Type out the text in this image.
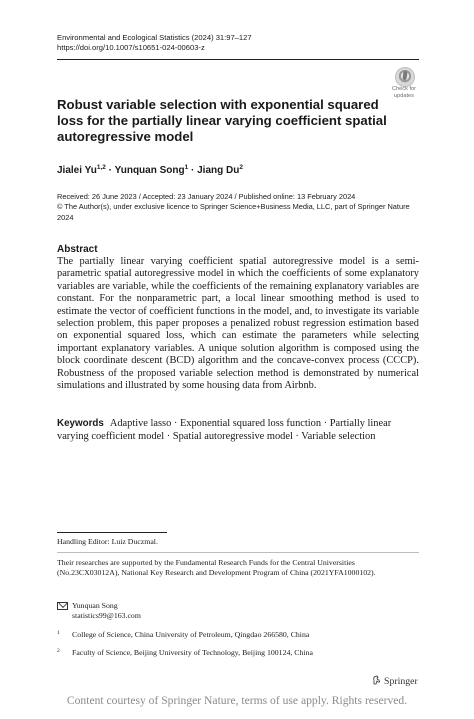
Environmental and Ecological Statistics (2024) 31:97–127
https://doi.org/10.1007/s10651-024-00603-z
Check for
updates
Robust variable selection with exponential squared loss for the partially linear varying coefficient spatial autoregressive model
Jialei Yu$^{1,2}$ · Yunquan Song$^1$ · Jiang Du$^2$
Received: 26 June 2023 / Accepted: 23 January 2024 / Published online: 13 February 2024
© The Author(s), under exclusive licence to Springer Science+Business Media, LLC, part of Springer Nature 2024
Abstract
The partially linear varying coefficient spatial autoregressive model is a semi-parametric spatial autoregressive model in which the coefficients of some explanatory variables are variable, while the coefficients of the remaining explanatory variables are constant. For the nonparametric part, a local linear smoothing method is used to estimate the vector of coefficient functions in the model, and, to investigate its variable selection problem, this paper proposes a penalized robust regression estimation based on exponential squared loss, which can estimate the parameters while selecting important explanatory variables. A unique solution algorithm is composed using the block coordinate descent (BCD) algorithm and the concave-convex process (CCCP). Robustness of the proposed variable selection method is demonstrated by numerical simulations and illustrated by some housing data from Airbnb.
Keywords Adaptive lasso · Exponential squared loss function · Partially linear varying coefficient model · Spatial autoregressive model · Variable selection
Handling Editor: Luiz Duczmal.
Their researches are supported by the Fundamental Research Funds for the Central Universities (No.23CX03012A), National Key Research and Development Program of China (2021YFA1000102).
Yunquan Song
statistics99@163.com
1 College of Science, China University of Petroleum, Qingdao 266580, China
2 Faculty of Science, Beijing University of Technology, Beijing 100124, China
Springer
Content courtesy of Springer Nature, terms of use apply. Rights reserved.
